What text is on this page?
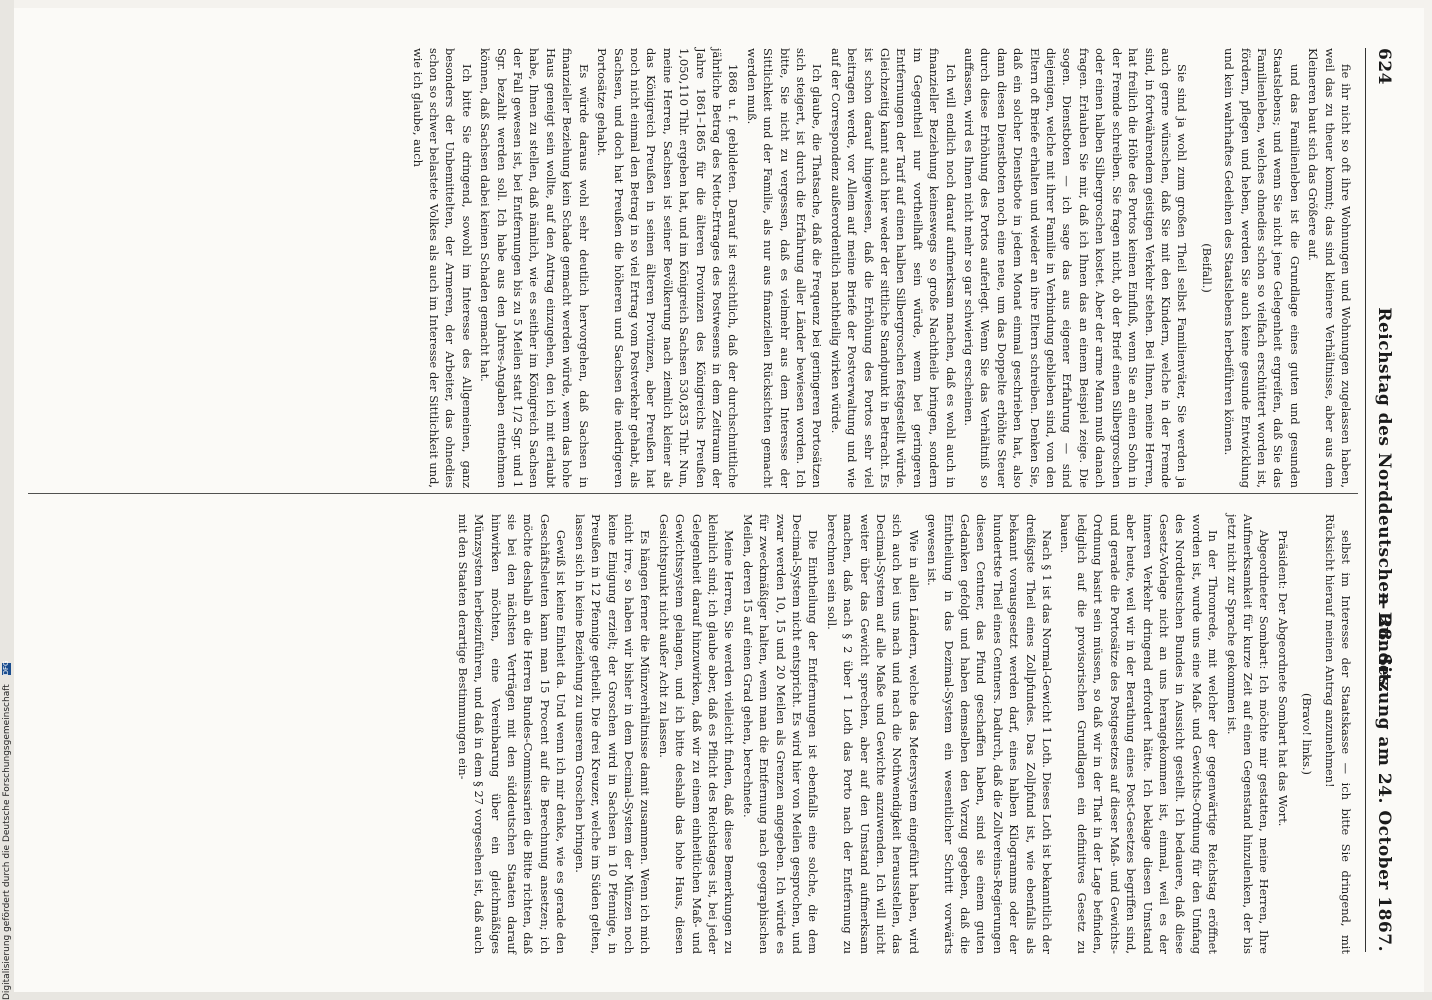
624
Reichstag des Norddeutschen Bundes.
— 28. Sitzung am 24. October 1867.

fie ihr nicht so oft ihre Wohnungen und Wohnungen zugelassen haben, weil das zu theuer kommt; das sind kleinere Verhältnisse, aber aus dem Kleineren baut sich das Größere auf.

und das Familienleben ist die Grundlage eines guten und gesunden Staatslebens; und wenn Sie nicht jene Gelegenheit ergreifen, daß Sie das Familienleben, welches ohnedies schon so vielfach erschüttert worden ist, fördern, pflegen und heben, werden Sie auch keine gesunde Entwicklung und kein wahrhaftes Gedeihen des Staatslebens herbeiführen können.

(Beifall.)

Sie sind ja wohl zum großen Theil selbst Familienväter, Sie werden ja auch gerne wünschen, daß Sie mit den Kindern, welche in der Fremde sind, in fortwährendem geistigen Verkehr stehen. Bei Ihnen, meine Herren, hat freilich die Höhe des Portos keinen Einfluß, wenn Sie an einen Sohn in der Fremde schreiben. Sie fragen nicht, ob der Brief einen Silbergroschen oder einen halben Silbergroschen kostet. Aber der arme Mann muß danach fragen. Erlauben Sie mir, daß ich Ihnen das an einem Beispiel zeige. Die sogen. Dienstboten — ich sage das aus eigener Erfahrung — sind diejenigen, welche mit ihrer Familie in Verbindung geblieben sind, von den Eltern oft Briefe erhalten und wieder an ihre Eltern schreiben. Denken Sie, daß ein solcher Dienstbote in jedem Monat einmal geschrieben hat, also dann diesen Dienstboten noch eine neue, um das Doppelte erhöhte Steuer durch diese Erhöhung des Portos auferlegt. Wenn Sie das Verhältniß so auffassen, wird es Ihnen nicht mehr so gar schwierig erscheinen.

Ich will endlich noch darauf aufmerksam machen, daß es wohl auch in finanzieller Beziehung keineswegs so große Nachtheile bringen, sondern im Gegentheil nur vortheilhaft sein würde, wenn bei geringeren Entfernungen der Tarif auf einen halben Silbergroschen festgestellt würde. Gleichzeitig kannt auch hier weder der sittliche Standpunkt in Betracht. Es ist schon darauf hingewiesen, daß die Erhöhung des Portos sehr viel beitragen werde, vor Allem auf meine Briefe der Postverwaltung und wie auf der Correspondenz außerordentlich nachtheilig wirken würde.

Ich glaube, die Thatsache, daß die Frequenz bei geringeren Portosätzen sich steigert, ist durch die Erfahrung aller Länder bewiesen worden. Ich bitte, Sie nicht zu vergessen, daß es vielmehr aus dem Interesse der Sittlichkeit und der Familie, als nur aus finanziellen Rücksichten gemacht werden muß.

1868 u. f. gebildeten. Darauf ist ersichtlich, daß der durchschnittliche jährliche Betrag des Netto-Ertrages des Postwesens in dem Zeitraum der Jahre 1861–1865 für die älteren Provinzen des Königreichs Preußen 1,050,110 Thlr. ergeben hat, und im Königreich Sachsen 530,835 Thlr. Nun, meine Herren, Sachsen ist seiner Bevölkerung nach ziemlich kleiner als das Königreich Preußen in seinen älteren Provinzen, aber Preußen hat noch nicht einmal den Betrag in so viel Ertrag vom Postverkehr gehabt, als Sachsen, und doch hat Preußen die höheren und Sachsen die niedrigeren Portosätze gehabt.

Es würde daraus wohl sehr deutlich hervorgehen, daß Sachsen in finanzieller Beziehung kein Schade gemacht werden würde, wenn das hohe Haus geneigt sein wollte, auf den Antrag einzugehen, den ich mit erlaubt habe, Ihnen zu stellen, daß nämlich, wie es seither im Königreich Sachsen der Fall gewesen ist, bei Entfernungen bis zu 5 Meilen statt 1/2 Sgr. und 1 Sgr. bezahlt werden soll. Ich habe aus den Jahres-Angaben entnehmen können, daß Sachsen dabei keinen Schaden gemacht hat.

Ich bitte Sie dringend, sowohl im Interesse des Allgemeinen, ganz besonders der Unbemittelten, der Armeren, der Arbeiter, das ohnedies schon so schwer belastete Volkes als auch im Interesse der Sittlichkeit und, wie ich glaube, auch

selbst im Interesse der Staatskasse — ich bitte Sie dringend, mit Rücksicht hierauf meinen Antrag anzunehmen!

(Bravo! links.)

Präsident: Der Abgeordnete Sombart hat das Wort.

Abgeordneter Sombart: Ich möchte mir gestatten, meine Herren, Ihre Aufmerksamkeit für kurze Zeit auf einen Gegenstand hinzulenken, der bis jetzt nicht zur Sprache gekommen ist.

In der Thronrede, mit welcher der gegenwärtige Reichstag eröffnet worden ist, wurde uns eine Maß- und Gewichts-Ordnung für den Umfang des Norddeutschen Bundes in Aussicht gestellt. Ich bedauere, daß diese Gesetz-Vorlage nicht an uns herangekommen ist, einmal, weil es der inneren Verkehr dringend erfordert hätte. Ich beklage diesen Umstand aber heute, weil wir in der Berathung eines Post-Gesetzes begriffen sind, und gerade die Portosätze des Postgesetzes auf dieser Maß- und Gewichts-Ordnung basirt sein müssen, so daß wir in der That in der Lage befinden, lediglich auf die provisorischen Grundlagen ein definitives Gesetz zu bauen.

Nach § 1 ist das Normal-Gewicht 1 Loth. Dieses Loth ist bekanntlich der dreißigste Theil eines Zollpfundes. Das Zollpfund ist, wie ebenfalls als bekannt vorausgesetzt werden darf, eines halben Kilogramms oder der hundertste Theil eines Centners. Dadurch, daß die Zollvereins-Regierungen diesen Centner, das Pfund geschaffen haben, sind sie einem guten Gedanken gefolgt und haben demselben den Vorzug gegeben, daß die Eintheilung in das Dezimal-System ein wesentlicher Schritt vorwärts gewesen ist.

Wie in allen Ländern, welche das Metersystem eingeführt haben, wird sich auch bei uns nach und nach die Nothwendigkeit herausstellen, das Decimal-System auf alle Maße und Gewichte anzuwenden. Ich will nicht weiter über das Gewicht sprechen, aber auf den Umstand aufmerksam machen, daß nach § 2 über 1 Loth das Porto nach der Entfernung zu berechnen sein soll.

Die Eintheilung der Entfernungen ist ebenfalls eine solche, die dem Decimal-System nicht entspricht. Es wird hier von Meilen gesprochen, und zwar werden 10, 15 und 20 Meilen als Grenzen angegeben. Ich würde es für zweckmäßiger halten, wenn man die Entfernung nach geographischen Meilen, deren 15 auf einen Grad gehen, berechnete.

Meine Herren, Sie werden vielleicht finden, daß diese Bemerkungen zu kleinlich sind; ich glaube aber, daß es Pflicht des Reichstages ist, bei jeder Gelegenheit darauf hinzuwirken, daß wir zu einem einheitlichen Maß- und Gewichtssystem gelangen, und ich bitte deshalb das hohe Haus, diesen Gesichtspunkt nicht außer Acht zu lassen.

Es hängen ferner die Münzverhältnisse damit zusammen. Wenn ich mich nicht irre, so haben wir bisher in dem Decimal-System der Münzen noch keine Einigung erzielt; der Groschen wird in Sachsen in 10 Pfennige, in Preußen in 12 Pfennige getheilt. Die drei Kreuzer, welche im Süden gelten, lassen sich in keine Beziehung zu unserem Groschen bringen.

Gewiß ist keine Einheit da. Und wenn ich mir denke, wie es gerade den Geschäftsleuten kann man 15 Procent auf die Berechnung ansetzen; ich möchte deshalb an die Herren Bundes-Commissarien die Bitte richten, daß sie bei den nächsten Verträgen mit den süddeutschen Staaten darauf hinwirken möchten, eine Vereinbarung über ein gleichmäßiges Münzsystem herbeizuführen, und daß in dem § 27 vorgesehen ist, daß auch mit den Staaten derartige Bestimmungen ein-

Digitalisierung gefördert durch die Deutsche Forschungsgemeinschaft DFG
